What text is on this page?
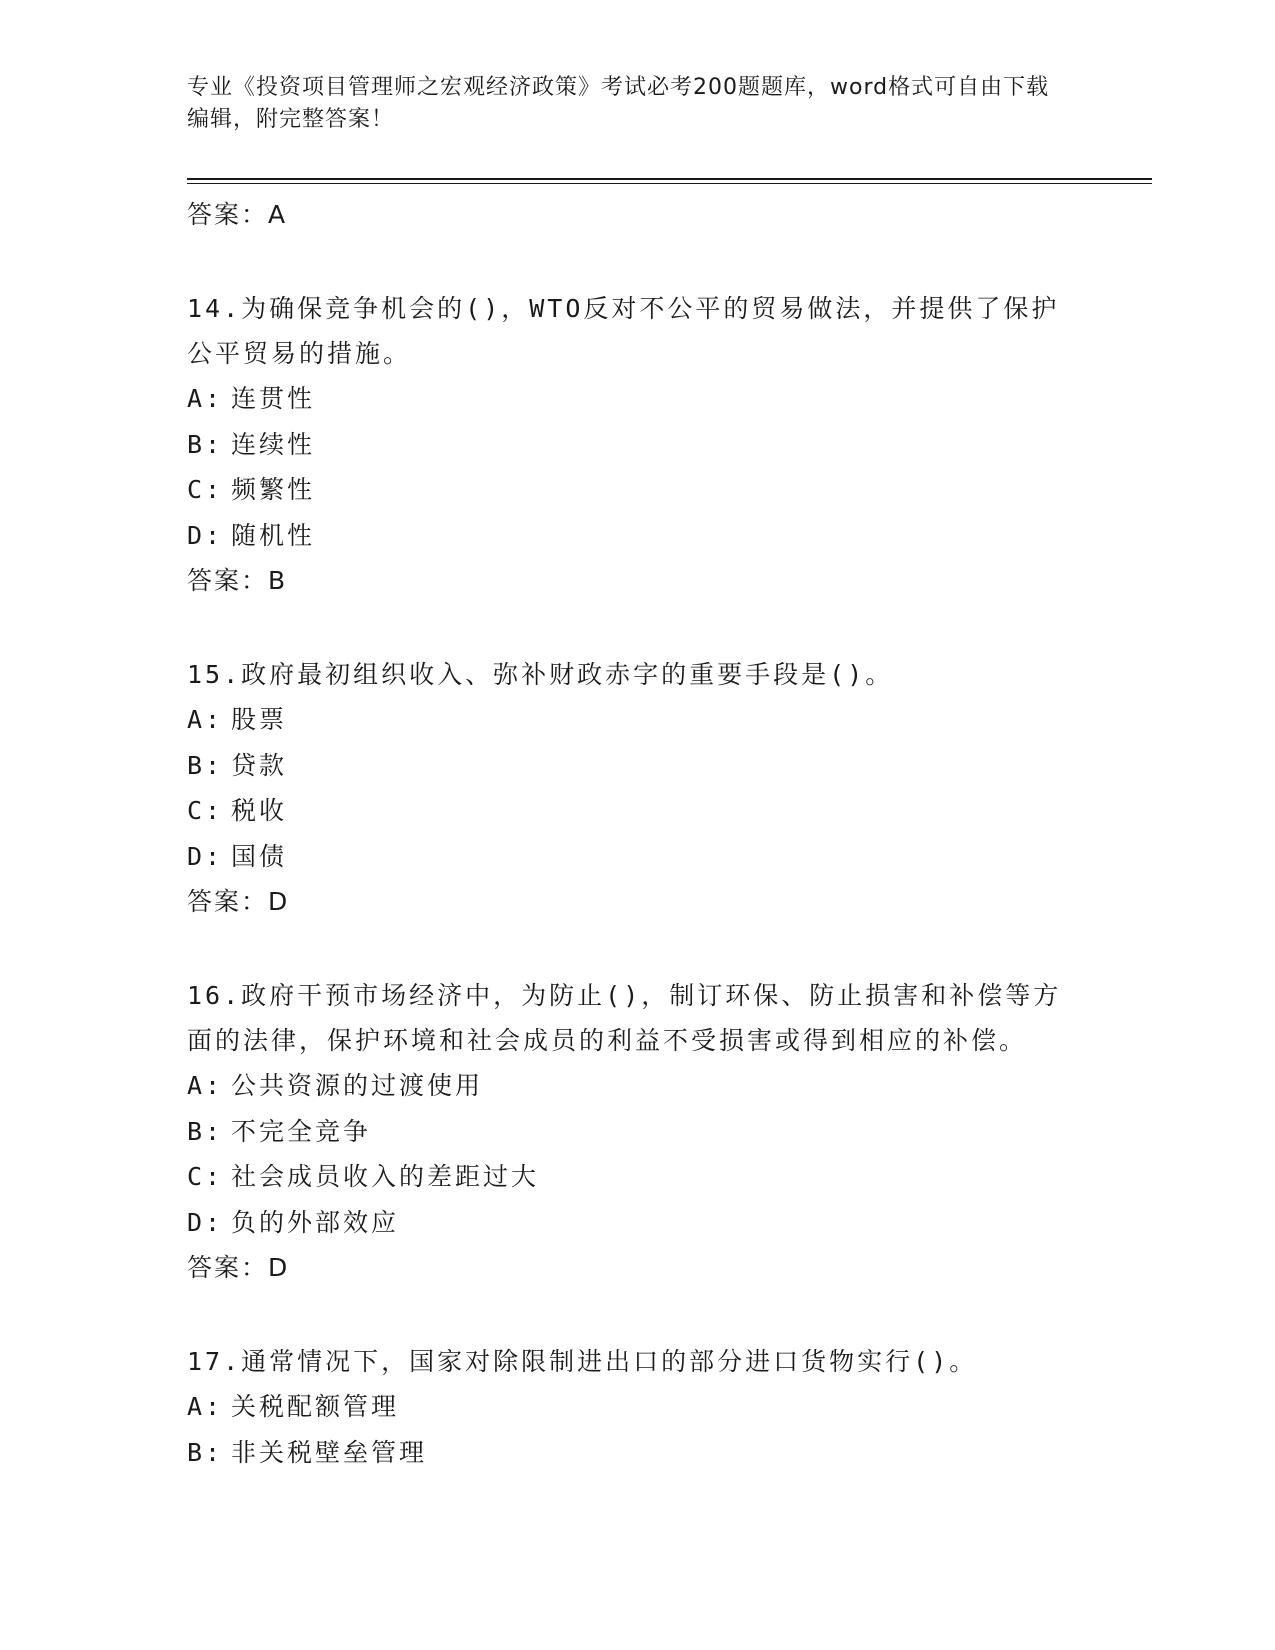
专业《投资项目管理师之宏观经济政策》考试必考200题题库，word格式可自由下载编辑，附完整答案！
答案：A
14.为确保竞争机会的()，WTO反对不公平的贸易做法，并提供了保护公平贸易的措施。
A: 连贯性
B: 连续性
C: 频繁性
D: 随机性
答案：B
15.政府最初组织收入、弥补财政赤字的重要手段是()。
A: 股票
B: 贷款
C: 税收
D: 国债
答案：D
16.政府干预市场经济中，为防止()，制订环保、防止损害和补偿等方面的法律，保护环境和社会成员的利益不受损害或得到相应的补偿。
A: 公共资源的过渡使用
B: 不完全竞争
C: 社会成员收入的差距过大
D: 负的外部效应
答案：D
17.通常情况下，国家对除限制进出口的部分进口货物实行()。
A: 关税配额管理
B: 非关税壁垒管理
